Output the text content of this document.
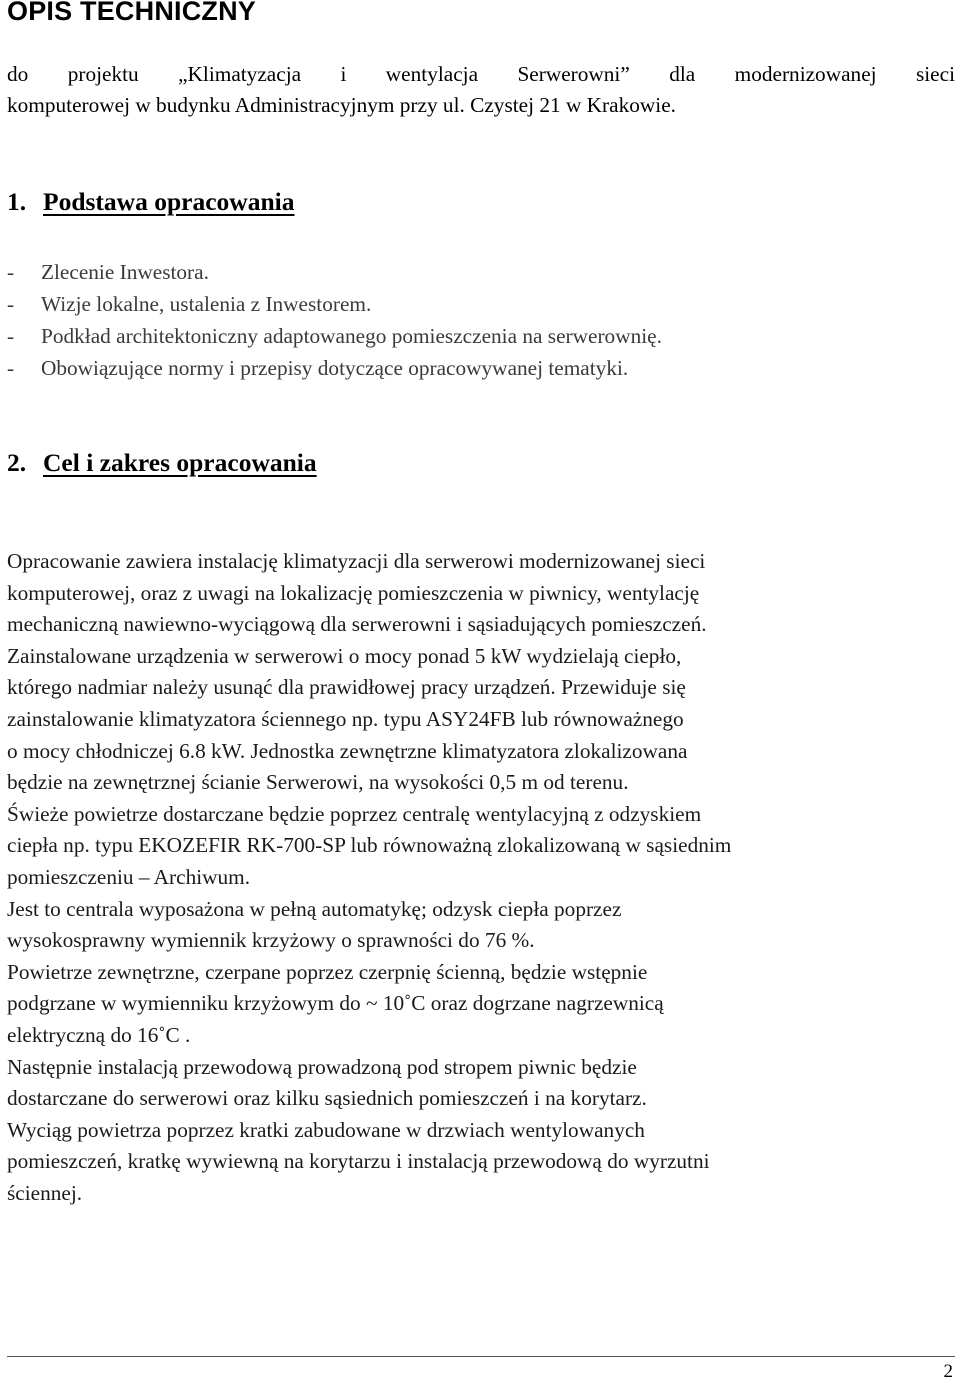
OPIS TECHNICZNY

do projektu „Klimatyzacja i wentylacja Serwerowni” dla modernizowanej sieci
komputerowej w budynku Administracyjnym przy ul. Czystej 21 w Krakowie.

1. Podstawa opracowania
- Zlecenie Inwestora.
- Wizje lokalne, ustalenia z Inwestorem.
- Podkład architektoniczny adaptowanego pomieszczenia na serwerownię.
- Obowiązujące normy i przepisy dotyczące opracowywanej tematyki.
2. Cel i zakres opracowania

Opracowanie zawiera instalację klimatyzacji dla serwerowi modernizowanej sieci
komputerowej, oraz z uwagi na lokalizację pomieszczenia w piwnicy, wentylację
mechaniczną nawiewno-wyciągową dla serwerowni i sąsiadujących pomieszczeń.
Zainstalowane urządzenia w serwerowi o mocy ponad 5 kW wydzielają ciepło,
którego nadmiar należy usunąć dla prawidłowej pracy urządzeń. Przewiduje się
zainstalowanie klimatyzatora ściennego np. typu ASY24FB lub równoważnego
o mocy chłodniczej 6.8 kW. Jednostka zewnętrzne klimatyzatora zlokalizowana
będzie na zewnętrznej ścianie Serwerowi, na wysokości 0,5 m od terenu.
Świeże powietrze dostarczane będzie poprzez centralę wentylacyjną z odzyskiem
ciepła np. typu EKOZEFIR RK-700-SP lub równoważną zlokalizowaną w sąsiednim
pomieszczeniu – Archiwum.
Jest to centrala wyposażona w pełną automatykę; odzysk ciepła poprzez
wysokosprawny wymiennik krzyżowy o sprawności do 76 %.
Powietrze zewnętrzne, czerpane poprzez czerpnię ścienną, będzie wstępnie
podgrzane w wymienniku krzyżowym do ~ 10˚C oraz dogrzane nagrzewnicą
elektryczną do 16˚C .
Następnie instalacją przewodową prowadzoną pod stropem piwnic będzie
dostarczane do serwerowi oraz kilku sąsiednich pomieszczeń i na korytarz.
Wyciąg powietrza poprzez kratki zabudowane w drzwiach wentylowanych
pomieszczeń, kratkę wywiewną na korytarzu i instalacją przewodową do wyrzutni
ściennej.

2
